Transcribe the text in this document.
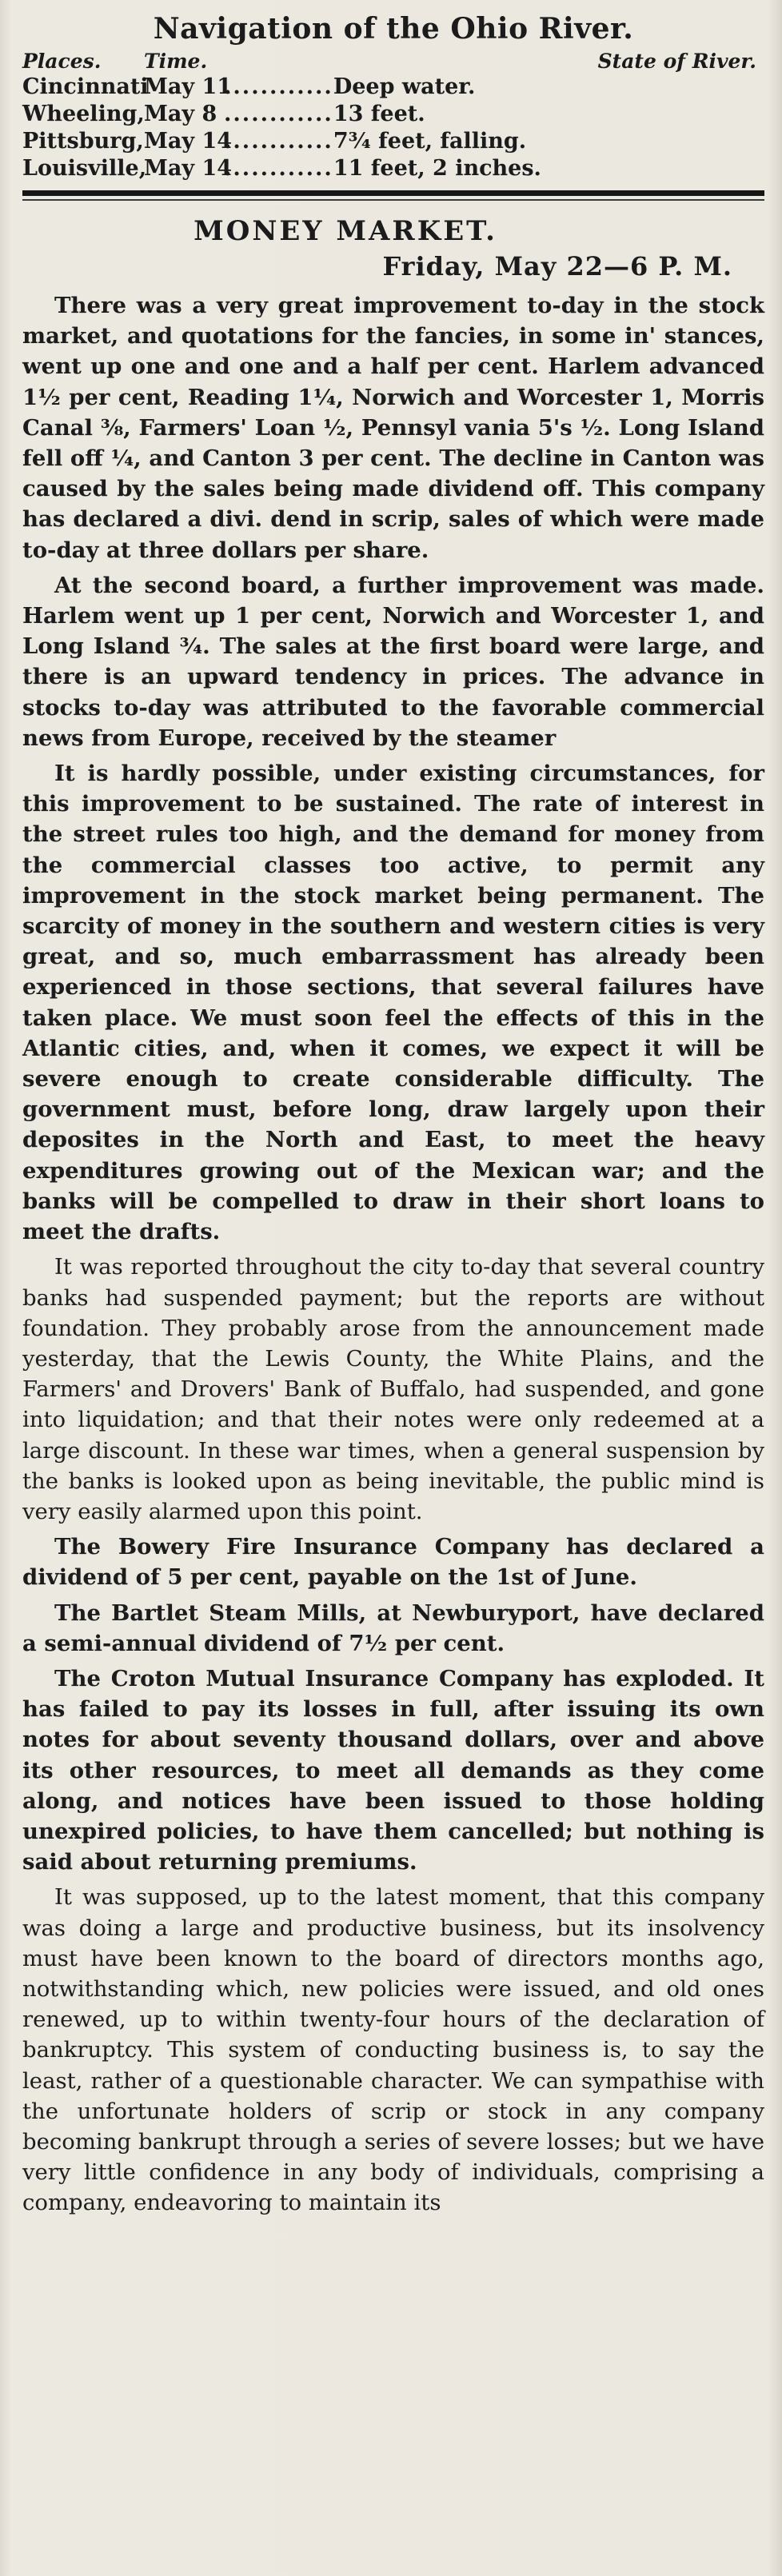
Navigation of the Ohio River.
Places.	Time.	State of River.
Cincinnati
May 11
............Deep water.
Wheeling, May 8 ............13 feet.
Pittsburg, May 14
............7¾ feet, falling.
Louisville,
May 14
............11 feet, 2 inches.
MONEY MARKET.
Friday, May 22—6 P. M.

There was a very great improvement to-day in the stock market, and quotations for the fancies, in some in' stances, went up one and one and a half per cent. Harlem advanced 1½ per cent, Reading 1¼, Norwich and Worcester 1, Morris Canal ⅜, Farmers' Loan ½, Pennsyl vania 5's ½. Long Island fell off ¼, and Canton 3 per cent. The decline in Canton was caused by the sales being made dividend off. This company has declared a divi. dend in scrip, sales of which were made to-day at three dollars per share.

At the second board, a further improvement was made. Harlem went up 1 per cent, Norwich and Worcester 1, and Long Island ¾. The sales at the first board were large, and there is an upward tendency in prices. The advance in stocks to-day was attributed to the favorable commercial news from Europe, received by the steamer

It is hardly possible, under existing circumstances, for this improvement to be sustained. The rate of interest in the street rules too high, and the demand for money from the commercial classes too active, to permit any improvement in the stock market being permanent. The scarcity of money in the southern and western cities is very great, and so, much embarrassment has already been experienced in those sections, that several failures have taken place. We must soon feel the effects of this in the Atlantic cities, and, when it comes, we expect it will be severe enough to create considerable difficulty. The government must, before long, draw largely upon their deposites in the North and East, to meet the heavy expenditures growing out of the Mexican war; and the banks will be compelled to draw in their short loans to meet the drafts.

It was reported throughout the city to-day that several country banks had suspended payment; but the reports are without foundation. They probably arose from the announcement made yesterday, that the Lewis County, the White Plains, and the Farmers' and Drovers' Bank of Buffalo, had suspended, and gone into liquidation; and that their notes were only redeemed at a large discount. In these war times, when a general suspension by the banks is looked upon as being inevitable, the public mind is very easily alarmed upon this point.

The Bowery Fire Insurance Company has declared a dividend of 5 per cent, payable on the 1st of June.

The Bartlet Steam Mills, at Newburyport, have declared a semi-annual dividend of 7½ per cent.

The Croton Mutual Insurance Company has exploded. It has failed to pay its losses in full, after issuing its own notes for about seventy thousand dollars, over and above its other resources, to meet all demands as they come along, and notices have been issued to those holding unexpired policies, to have them cancelled; but nothing is said about returning premiums.

It was supposed, up to the latest moment, that this company was doing a large and productive business, but its insolvency must have been known to the board of directors months ago, notwithstanding which, new policies were issued, and old ones renewed, up to within twenty-four hours of the declaration of bankruptcy. This system of conducting business is, to say the least, rather of a questionable character. We can sympathise with the unfortunate holders of scrip or stock in any company becoming bankrupt through a series of severe losses; but we have very little confidence in any body of individuals, comprising a company, endeavoring to maintain its
